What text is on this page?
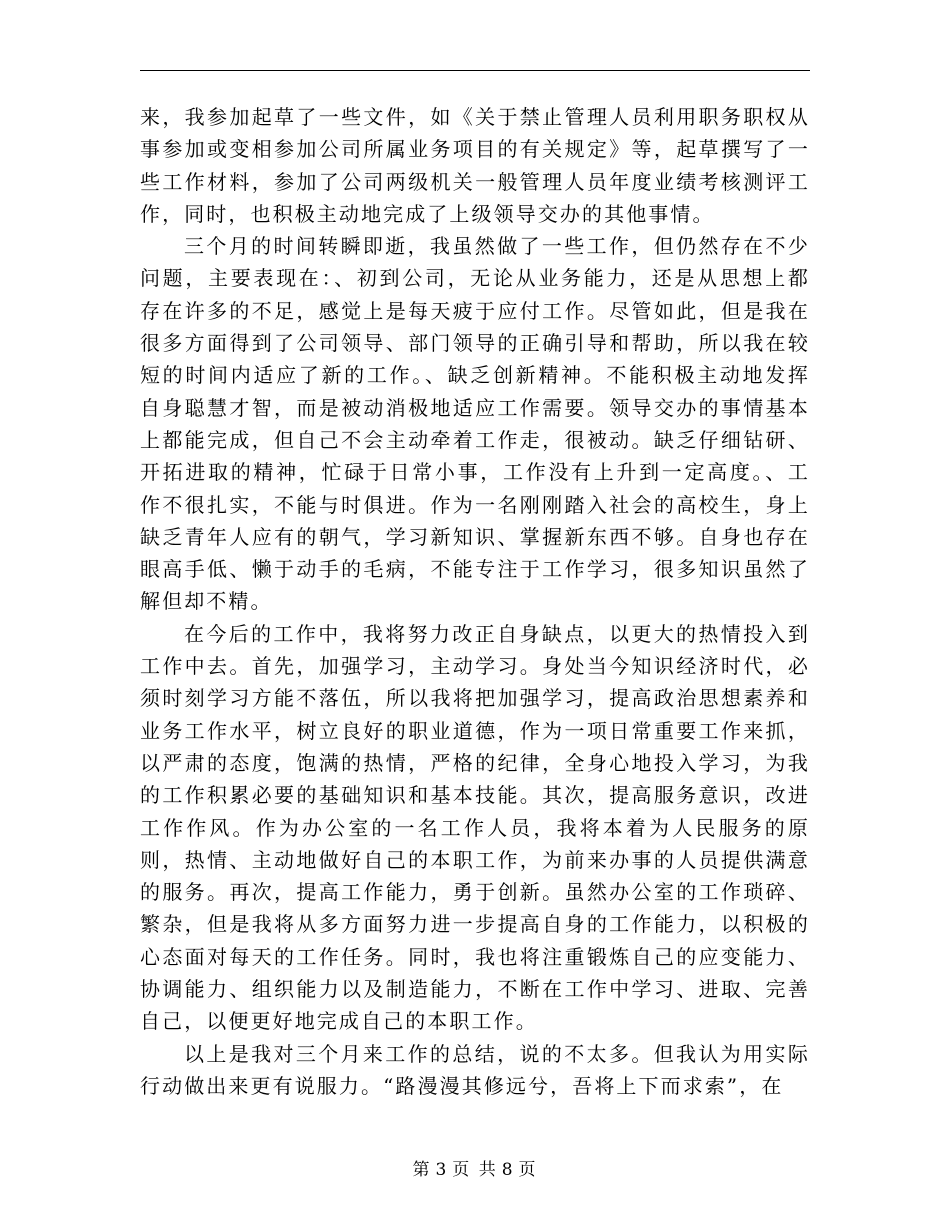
来，我参加起草了一些文件，如《关于禁止管理人员利用职务职权从事参加或变相参加公司所属业务项目的有关规定》等，起草撰写了一些工作材料，参加了公司两级机关一般管理人员年度业绩考核测评工作，同时，也积极主动地完成了上级领导交办的其他事情。

三个月的时间转瞬即逝，我虽然做了一些工作，但仍然存在不少问题，主要表现在：、初到公司，无论从业务能力，还是从思想上都存在许多的不足，感觉上是每天疲于应付工作。尽管如此，但是我在很多方面得到了公司领导、部门领导的正确引导和帮助，所以我在较短的时间内适应了新的工作。、缺乏创新精神。不能积极主动地发挥自身聪慧才智，而是被动消极地适应工作需要。领导交办的事情基本上都能完成，但自己不会主动牵着工作走，很被动。缺乏仔细钻研、开拓进取的精神，忙碌于日常小事，工作没有上升到一定高度。、工作不很扎实，不能与时俱进。作为一名刚刚踏入社会的高校生，身上缺乏青年人应有的朝气，学习新知识、掌握新东西不够。自身也存在眼高手低、懒于动手的毛病，不能专注于工作学习，很多知识虽然了解但却不精。

在今后的工作中，我将努力改正自身缺点，以更大的热情投入到工作中去。首先，加强学习，主动学习。身处当今知识经济时代，必须时刻学习方能不落伍，所以我将把加强学习，提高政治思想素养和业务工作水平，树立良好的职业道德，作为一项日常重要工作来抓，以严肃的态度，饱满的热情，严格的纪律，全身心地投入学习，为我的工作积累必要的基础知识和基本技能。其次，提高服务意识，改进工作作风。作为办公室的一名工作人员，我将本着为人民服务的原则，热情、主动地做好自己的本职工作，为前来办事的人员提供满意的服务。再次，提高工作能力，勇于创新。虽然办公室的工作琐碎、繁杂，但是我将从多方面努力进一步提高自身的工作能力，以积极的心态面对每天的工作任务。同时，我也将注重锻炼自己的应变能力、协调能力、组织能力以及制造能力，不断在工作中学习、进取、完善自己，以便更好地完成自己的本职工作。

以上是我对三个月来工作的总结，说的不太多。但我认为用实际行动做出来更有说服力。“路漫漫其修远兮，吾将上下而求索”，在

第 3 页 共 8 页
